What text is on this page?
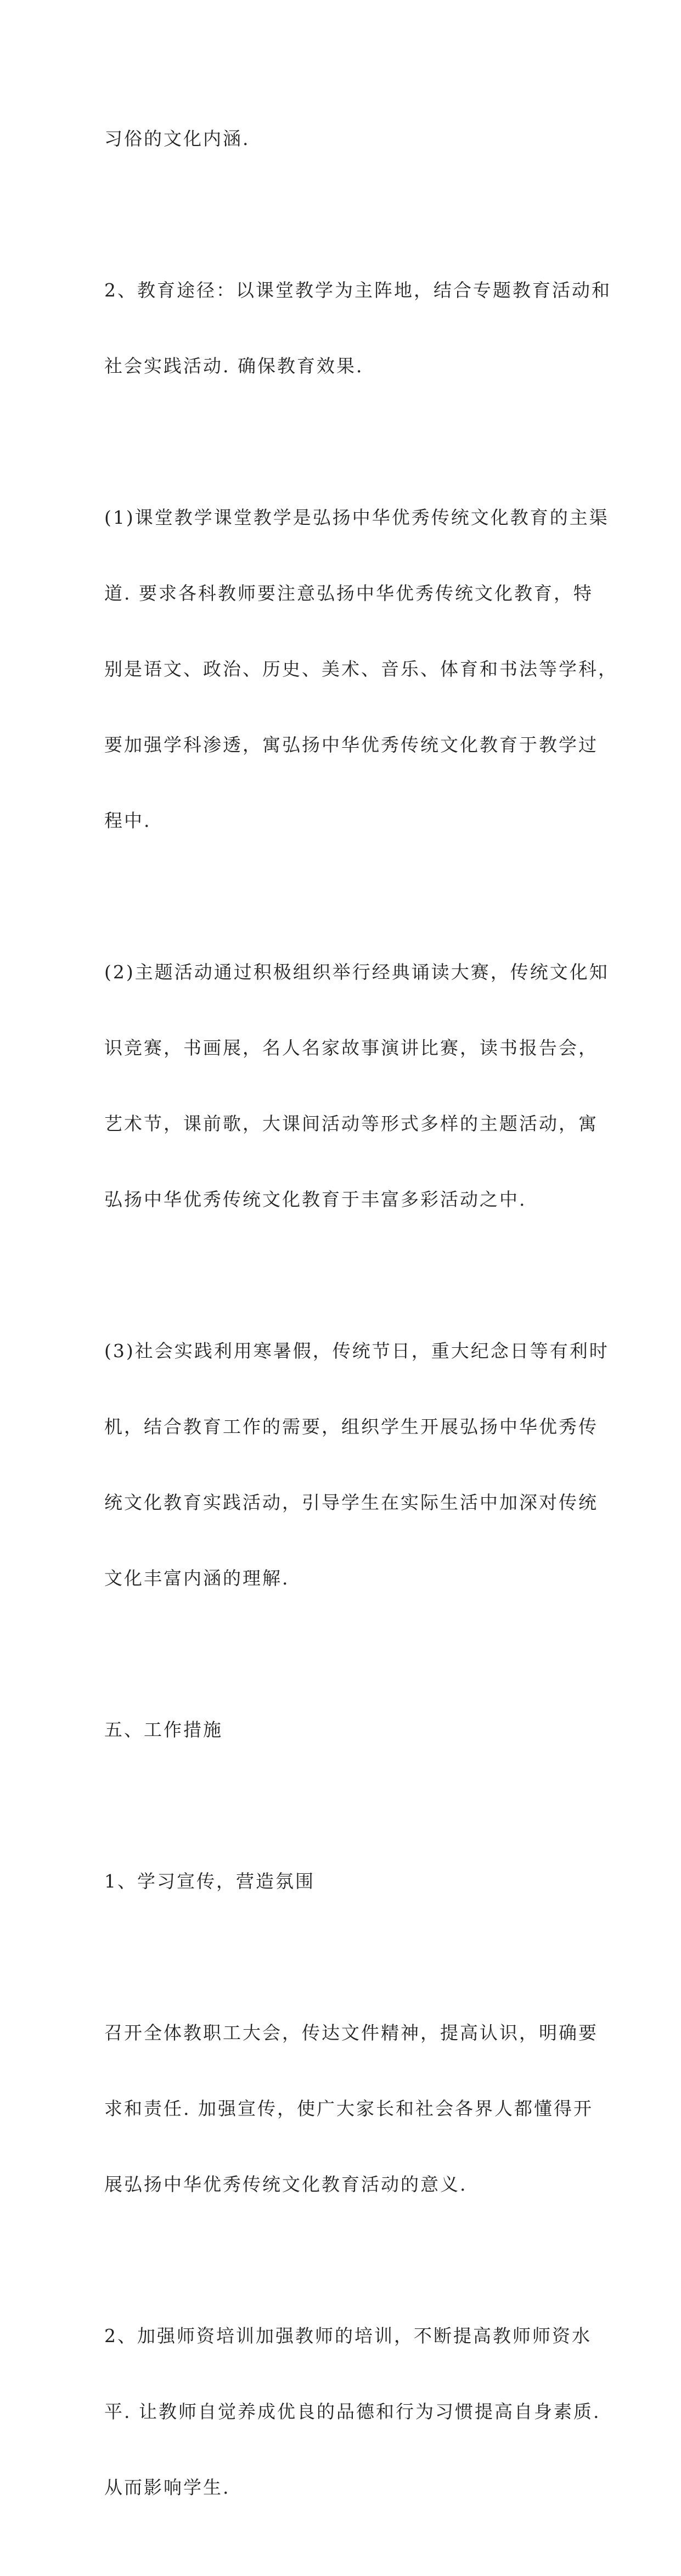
习俗的文化内涵.

2、教育途径：以课堂教学为主阵地，结合专题教育活动和

社会实践活动. 确保教育效果.

(1)课堂教学课堂教学是弘扬中华优秀传统文化教育的主渠

道. 要求各科教师要注意弘扬中华优秀传统文化教育，特

别是语文、政治、历史、美术、音乐、体育和书法等学科，

要加强学科渗透，寓弘扬中华优秀传统文化教育于教学过

程中.

(2)主题活动通过积极组织举行经典诵读大赛，传统文化知

识竞赛，书画展，名人名家故事演讲比赛，读书报告会，

艺术节，课前歌，大课间活动等形式多样的主题活动，寓

弘扬中华优秀传统文化教育于丰富多彩活动之中.

(3)社会实践利用寒暑假，传统节日，重大纪念日等有利时

机，结合教育工作的需要，组织学生开展弘扬中华优秀传

统文化教育实践活动，引导学生在实际生活中加深对传统

文化丰富内涵的理解.

五、工作措施

1、学习宣传，营造氛围

召开全体教职工大会，传达文件精神，提高认识，明确要

求和责任. 加强宣传，使广大家长和社会各界人都懂得开

展弘扬中华优秀传统文化教育活动的意义.

2、加强师资培训加强教师的培训，不断提高教师师资水

平. 让教师自觉养成优良的品德和行为习惯提高自身素质.

从而影响学生.
